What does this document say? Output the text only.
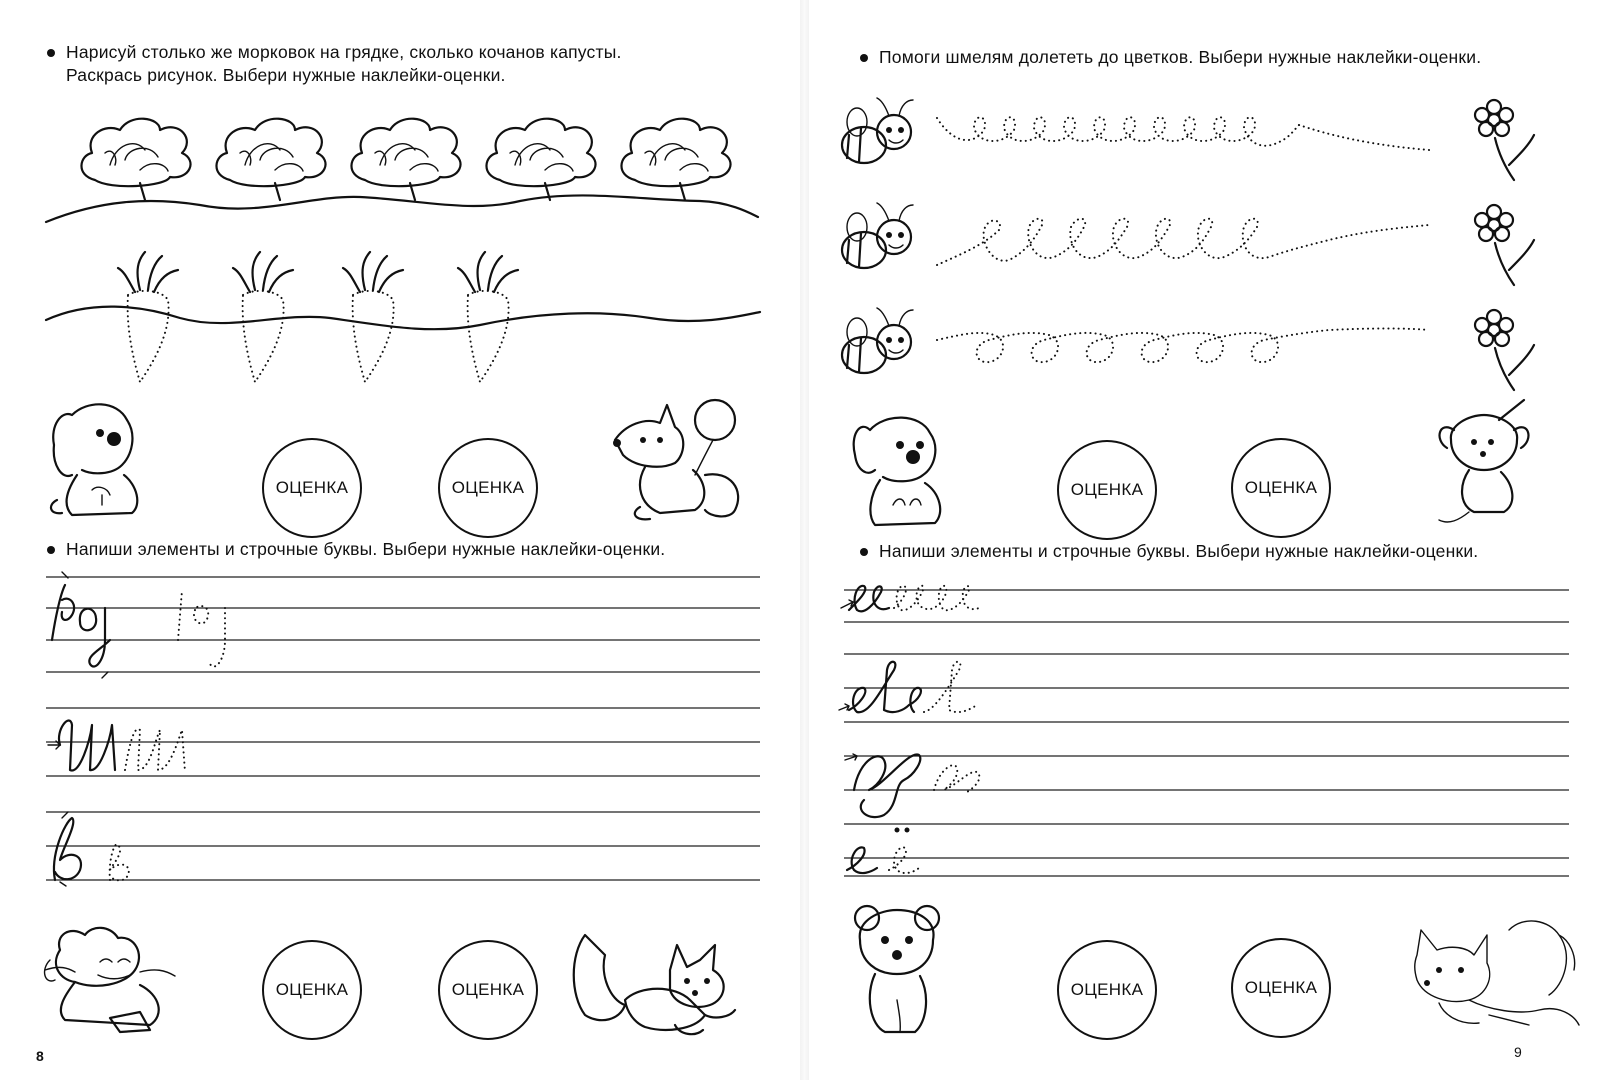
Нарисуй столько же морковок на грядке, сколько кочанов капусты.
Раскрась рисунок. Выбери нужные наклейки-оценки.
ОЦЕНКА	ОЦЕНКА
Напиши элементы и строчные буквы. Выбери нужные наклейки-оценки.
ОЦЕНКА	ОЦЕНКА
8
Помоги шмелям долететь до цветков. Выбери нужные наклейки-оценки.
ОЦЕНКА	ОЦЕНКА
Напиши элементы и строчные буквы. Выбери нужные наклейки-оценки.
ОЦЕНКА	ОЦЕНКА
9
